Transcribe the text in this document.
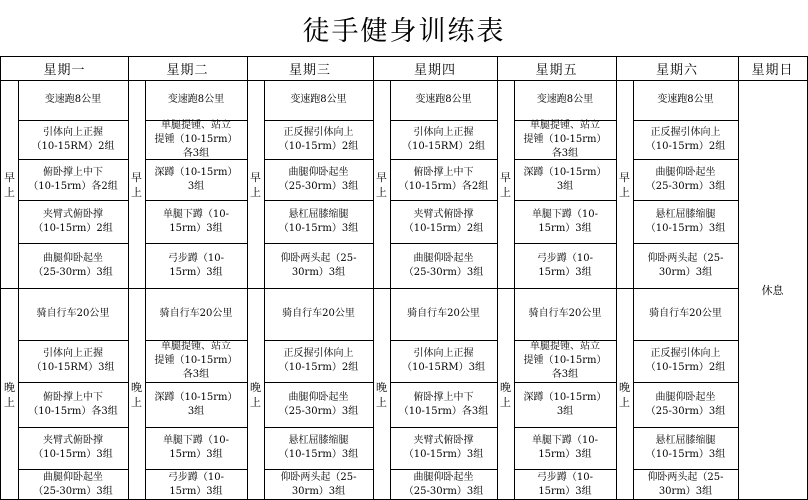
徒手健身训练表
星期一
早
上
晚
上
变速跑8公里
引体向上正握
（10-15RM）2组
俯卧撑上中下
（10-15rm）各2组
夹臂式俯卧撑
（10-15rm）2组
曲腿仰卧起坐
（25-30rm）3组
骑自行车20公里
引体向上正握
（10-15RM）3组
俯卧撑上中下
（10-15rm）各3组
夹臂式俯卧撑
（10-15rm）3组
曲腿仰卧起坐
（25-30rm）3组
星期二
早
上
晚
上
变速跑8公里
单腿提锺、站立
提锺（10-15rm）
各3组
深蹲（10-15rm）
3组
单腿下蹲（10-
15rm）3组
弓步蹲（10-
15rm）3组
骑自行车20公里
单腿提锺、站立
提锺（10-15rm）
各3组
深蹲（10-15rm）
3组
单腿下蹲（10-
15rm）3组
弓步蹲（10-
15rm）3组
星期三
早
上
晚
上
变速跑8公里
正反握引体向上
（10-15rm）2组
曲腿仰卧起坐
（25-30rm）3组
悬杠屈膝缩腿
（10-15rm）3组
仰卧两头起（25-
30rm）3组
骑自行车20公里
正反握引体向上
（10-15rm）2组
曲腿仰卧起坐
（25-30rm）3组
悬杠屈膝缩腿
（10-15rm）3组
仰卧两头起（25-
30rm）3组
星期四
早
上
晚
上
变速跑8公里
引体向上正握
（10-15RM）2组
俯卧撑上中下
（10-15rm）各2组
夹臂式俯卧撑
（10-15rm）2组
曲腿仰卧起坐
（25-30rm）3组
骑自行车20公里
引体向上正握
（10-15RM）3组
俯卧撑上中下
（10-15rm）各3组
夹臂式俯卧撑
（10-15rm）3组
曲腿仰卧起坐
（25-30rm）3组
星期五
早
上
晚
上
变速跑8公里
单腿提锺、站立
提锺（10-15rm）
各3组
深蹲（10-15rm）
3组
单腿下蹲（10-
15rm）3组
弓步蹲（10-
15rm）3组
骑自行车20公里
单腿提锺、站立
提锺（10-15rm）
各3组
深蹲（10-15rm）
3组
单腿下蹲（10-
15rm）3组
弓步蹲（10-
15rm）3组
星期六
早
上
晚
上
变速跑8公里
正反握引体向上
（10-15rm）2组
曲腿仰卧起坐
（25-30rm）3组
悬杠屈膝缩腿
（10-15rm）3组
仰卧两头起（25-
30rm）3组
骑自行车20公里
正反握引体向上
（10-15rm）2组
曲腿仰卧起坐
（25-30rm）3组
悬杠屈膝缩腿
（10-15rm）3组
仰卧两头起（25-
30rm）3组
星期日
休息
